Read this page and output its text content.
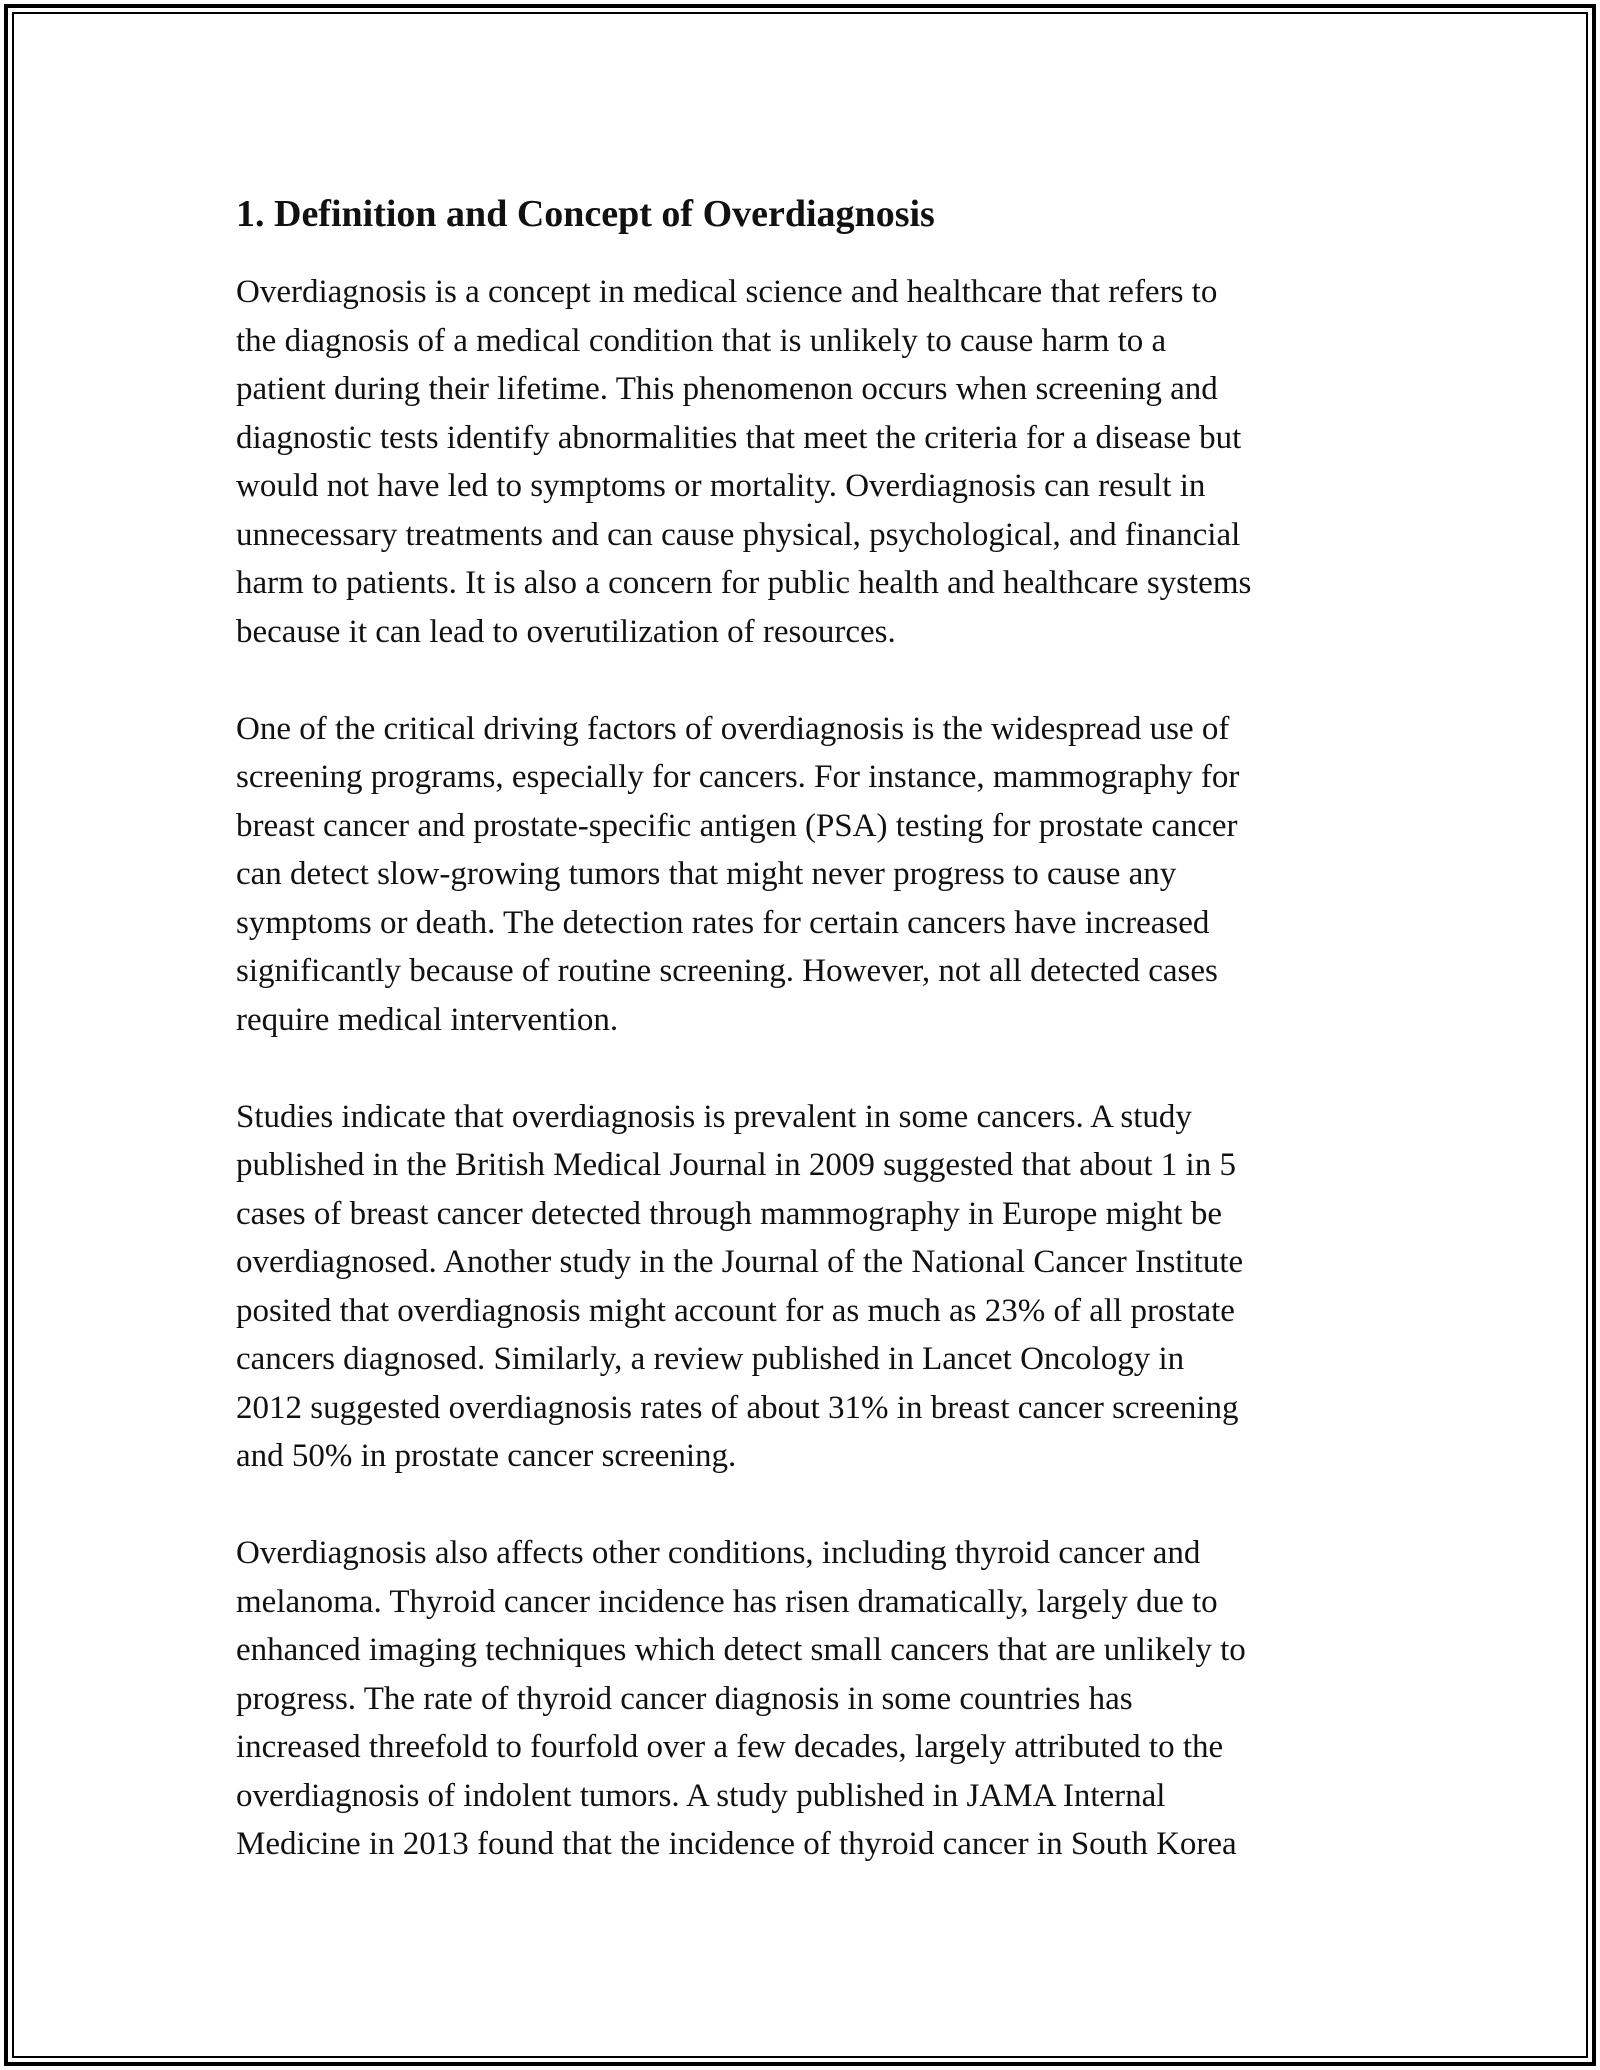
1. Definition and Concept of Overdiagnosis

Overdiagnosis is a concept in medical science and healthcare that refers to
the diagnosis of a medical condition that is unlikely to cause harm to a
patient during their lifetime. This phenomenon occurs when screening and
diagnostic tests identify abnormalities that meet the criteria for a disease but
would not have led to symptoms or mortality. Overdiagnosis can result in
unnecessary treatments and can cause physical, psychological, and financial
harm to patients. It is also a concern for public health and healthcare systems
because it can lead to overutilization of resources.

One of the critical driving factors of overdiagnosis is the widespread use of
screening programs, especially for cancers. For instance, mammography for
breast cancer and prostate-specific antigen (PSA) testing for prostate cancer
can detect slow-growing tumors that might never progress to cause any
symptoms or death. The detection rates for certain cancers have increased
significantly because of routine screening. However, not all detected cases
require medical intervention.

Studies indicate that overdiagnosis is prevalent in some cancers. A study
published in the British Medical Journal in 2009 suggested that about 1 in 5
cases of breast cancer detected through mammography in Europe might be
overdiagnosed. Another study in the Journal of the National Cancer Institute
posited that overdiagnosis might account for as much as 23% of all prostate
cancers diagnosed. Similarly, a review published in Lancet Oncology in
2012 suggested overdiagnosis rates of about 31% in breast cancer screening
and 50% in prostate cancer screening.

Overdiagnosis also affects other conditions, including thyroid cancer and
melanoma. Thyroid cancer incidence has risen dramatically, largely due to
enhanced imaging techniques which detect small cancers that are unlikely to
progress. The rate of thyroid cancer diagnosis in some countries has
increased threefold to fourfold over a few decades, largely attributed to the
overdiagnosis of indolent tumors. A study published in JAMA Internal
Medicine in 2013 found that the incidence of thyroid cancer in South Korea
